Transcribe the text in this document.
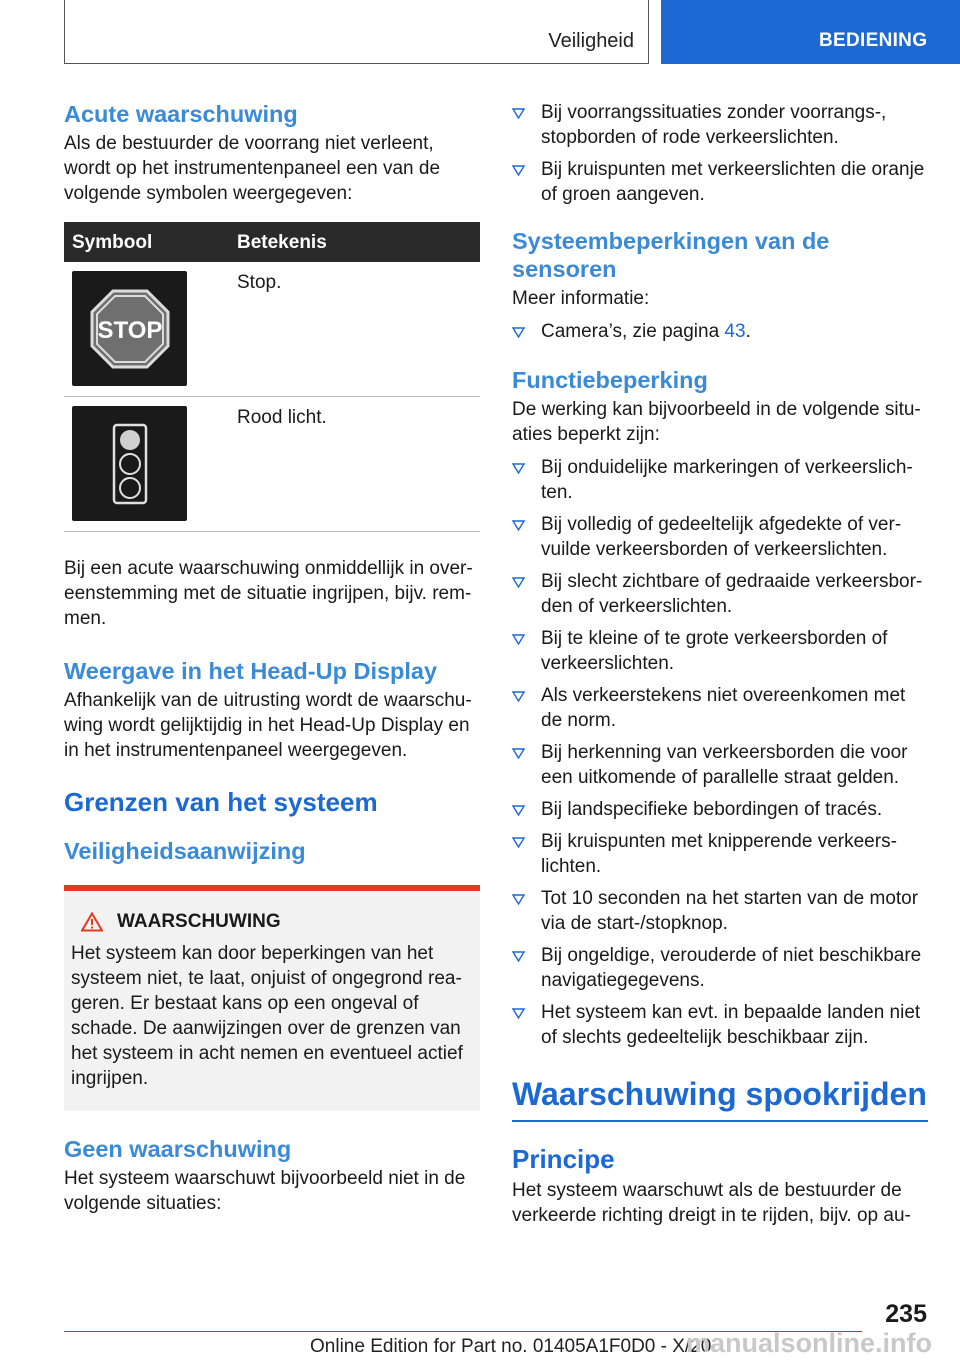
Veiligheid	BEDIENING
Acute waarschuwing

Als de bestuurder de voorrang niet verleent, wordt op het instrumentenpaneel een van de volgende symbolen weergegeven:

Symbool	Betekenis
STOP
Stop.
Rood licht.

Bij een acute waarschuwing onmiddellijk in overeenstemming met de situatie ingrijpen, bijv. remmen.

Weergave in het Head-Up Display

Afhankelijk van de uitrusting wordt de waarschuwing wordt gelijktijdig in het Head-Up Display en in het instrumentenpaneel weergegeven.

Grenzen van het systeem
Veiligheidsaanwijzing
WAARSCHUWING

Het systeem kan door beperkingen van het systeem niet, te laat, onjuist of ongegrond reageren. Er bestaat kans op een ongeval of schade. De aanwijzingen over de grenzen van het systeem in acht nemen en eventueel actief ingrijpen.

Geen waarschuwing

Het systeem waarschuwt bijvoorbeeld niet in de volgende situaties:

Bij voorrangssituaties zonder voorrangs-, stopborden of rode verkeerslichten.
Bij kruispunten met verkeerslichten die oranje of groen aangeven.
Systeembeperkingen van de sensoren

Meer informatie:

Camera’s, zie pagina 43.
Functiebeperking

De werking kan bijvoorbeeld in de volgende situaties beperkt zijn:

Bij onduidelijke markeringen of verkeerslichten.
Bij volledig of gedeeltelijk afgedekte of vervuilde verkeersborden of verkeerslichten.
Bij slecht zichtbare of gedraaide verkeersborden of verkeerslichten.
Bij te kleine of te grote verkeersborden of verkeerslichten.
Als verkeerstekens niet overeenkomen met de norm.
Bij herkenning van verkeersborden die voor een uitkomende of parallelle straat gelden.
Bij landspecifieke bebordingen of tracés.
Bij kruispunten met knipperende verkeerslichten.
Tot 10 seconden na het starten van de motor via de start-/stopknop.
Bij ongeldige, verouderde of niet beschikbare navigatiegegevens.
Het systeem kan evt. in bepaalde landen niet of slechts gedeeltelijk beschikbaar zijn.
Waarschuwing spookrijden
Principe

Het systeem waarschuwt als de bestuurder de verkeerde richting dreigt in te rijden, bijv. op au-

235
Online Edition for Part no. 01405A1F0D0 - X/20
manualsonline.info
